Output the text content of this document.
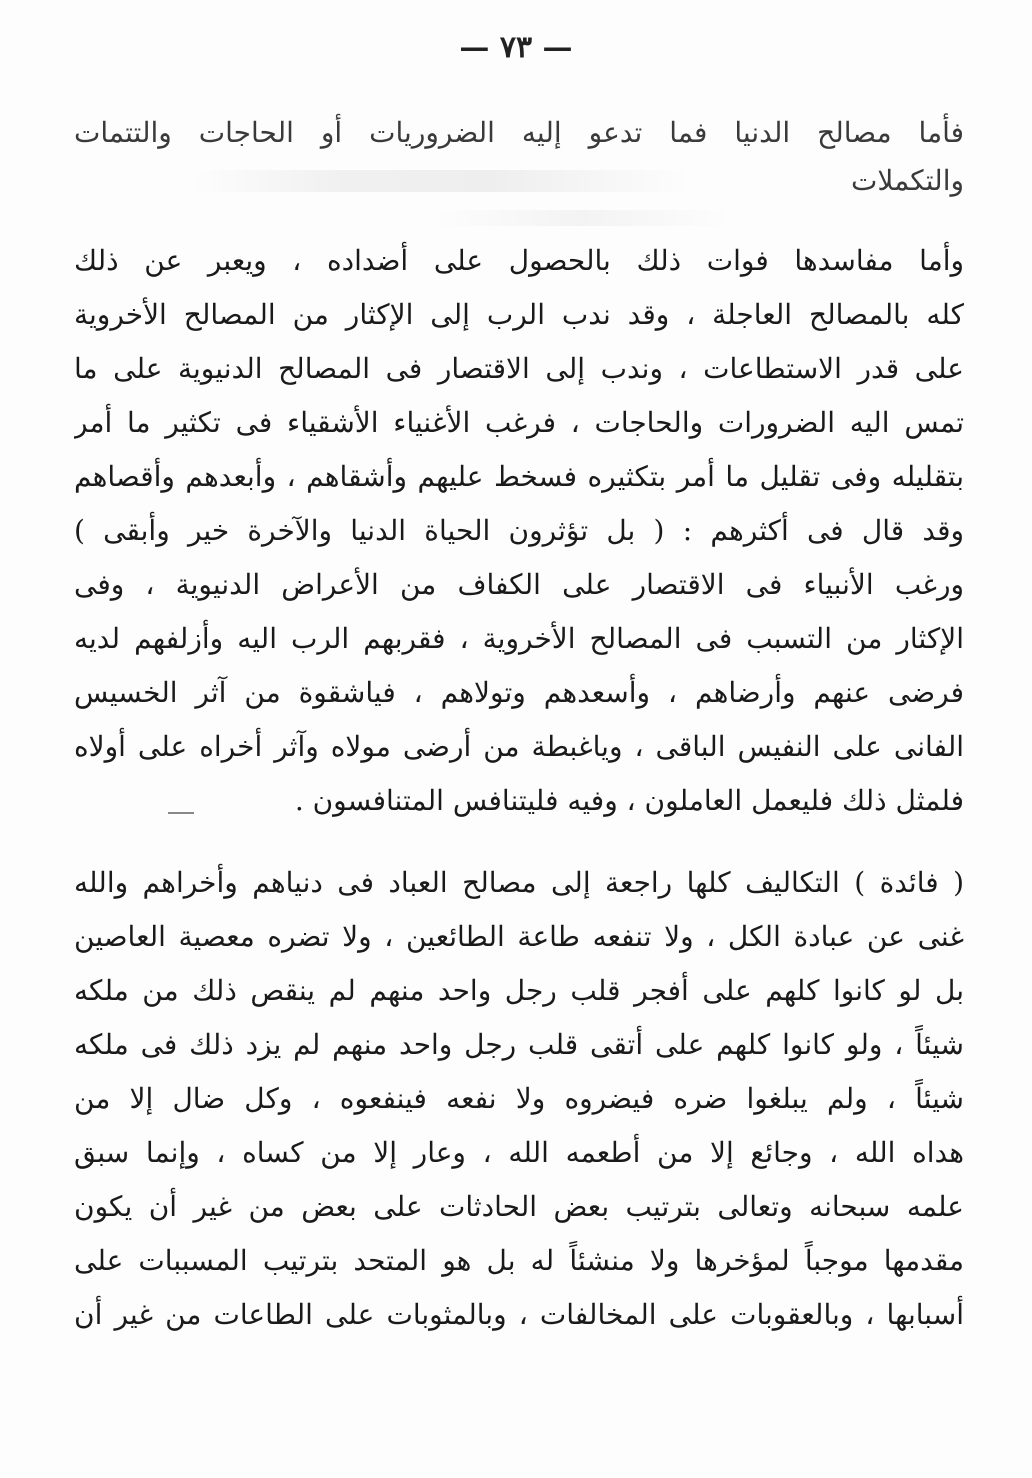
— ٧٣ —
فأما مصالح الدنيا فما تدعو إليه الضروريات أو الحاجات والتتمات
والتكملات
وأما مفاسدها فوات ذلك بالحصول على أضداده ، ويعبر عن ذلك
كله بالمصالح العاجلة ، وقد ندب الرب إلى الإكثار من المصالح الأخروية
على قدر الاستطاعات ، وندب إلى الاقتصار فى المصالح الدنيوية على ما
تمس اليه الضرورات والحاجات ، فرغب الأغنياء الأشقياء فى تكثير ما أمر
بتقليله وفى تقليل ما أمر بتكثيره فسخط عليهم وأشقاهم ، وأبعدهم وأقصاهم
وقد قال فى أكثرهم : ( بل تؤثرون الحياة الدنيا والآخرة خير وأبقى )
ورغب الأنبياء فى الاقتصار على الكفاف من الأعراض الدنيوية ، وفى
الإكثار من التسبب فى المصالح الأخروية ، فقربهم الرب اليه وأزلفهم لديه
فرضى عنهم وأرضاهم ، وأسعدهم وتولاهم ، فياشقوة من آثر الخسيس
الفانى على النفيس الباقى ، وياغبطة من أرضى مولاه وآثر أخراه على أولاه
فلمثل ذلك فليعمل العاملون ، وفيه فليتنافس المتنافسون .
( فائدة ) التكاليف كلها راجعة إلى مصالح العباد فى دنياهم وأخراهم والله
غنى عن عبادة الكل ، ولا تنفعه طاعة الطائعين ، ولا تضره معصية العاصين
بل لو كانوا كلهم على أفجر قلب رجل واحد منهم لم ينقص ذلك من ملكه
شيئاً ، ولو كانوا كلهم على أتقى قلب رجل واحد منهم لم يزد ذلك فى ملكه
شيئاً ، ولم يبلغوا ضره فيضروه ولا نفعه فينفعوه ، وكل ضال إلا من
هداه الله ، وجائع إلا من أطعمه الله ، وعار إلا من كساه ، وإنما سبق
علمه سبحانه وتعالى بترتيب بعض الحادثات على بعض من غير أن يكون
مقدمها موجباً لمؤخرها ولا منشئاً له بل هو المتحد بترتيب المسببات على
أسبابها ، وبالعقوبات على المخالفات ، وبالمثوبات على الطاعات من غير أن
